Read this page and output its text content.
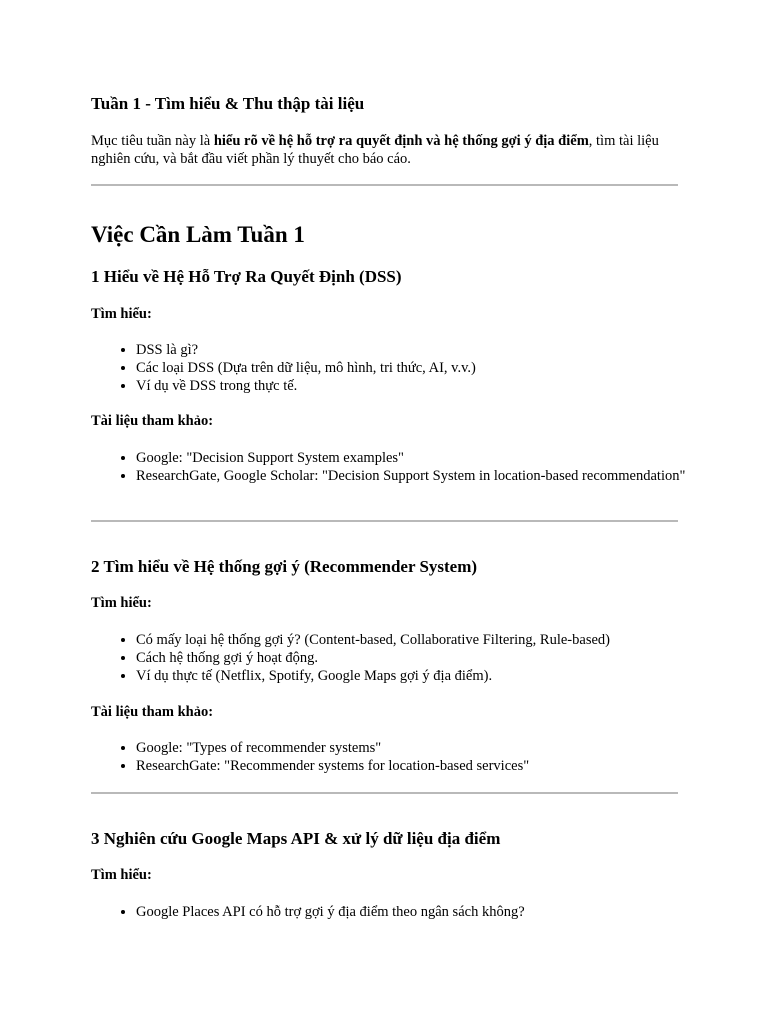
Tuần 1 - Tìm hiểu & Thu thập tài liệu
Mục tiêu tuần này là hiểu rõ về hệ hỗ trợ ra quyết định và hệ thống gợi ý địa điểm, tìm tài liệu nghiên cứu, và bắt đầu viết phần lý thuyết cho báo cáo.
Việc Cần Làm Tuần 1
1 Hiểu về Hệ Hỗ Trợ Ra Quyết Định (DSS)
Tìm hiểu:
• DSS là gì?
• Các loại DSS (Dựa trên dữ liệu, mô hình, tri thức, AI, v.v.)
• Ví dụ về DSS trong thực tế.
Tài liệu tham khảo:
• Google: "Decision Support System examples"
• ResearchGate, Google Scholar: "Decision Support System in location-based recommendation"
2 Tìm hiểu về Hệ thống gợi ý (Recommender System)
Tìm hiểu:
• Có mấy loại hệ thống gợi ý? (Content-based, Collaborative Filtering, Rule-based)
• Cách hệ thống gợi ý hoạt động.
• Ví dụ thực tế (Netflix, Spotify, Google Maps gợi ý địa điểm).
Tài liệu tham khảo:
• Google: "Types of recommender systems"
• ResearchGate: "Recommender systems for location-based services"
3 Nghiên cứu Google Maps API & xử lý dữ liệu địa điểm
Tìm hiểu:
• Google Places API có hỗ trợ gợi ý địa điểm theo ngân sách không?
